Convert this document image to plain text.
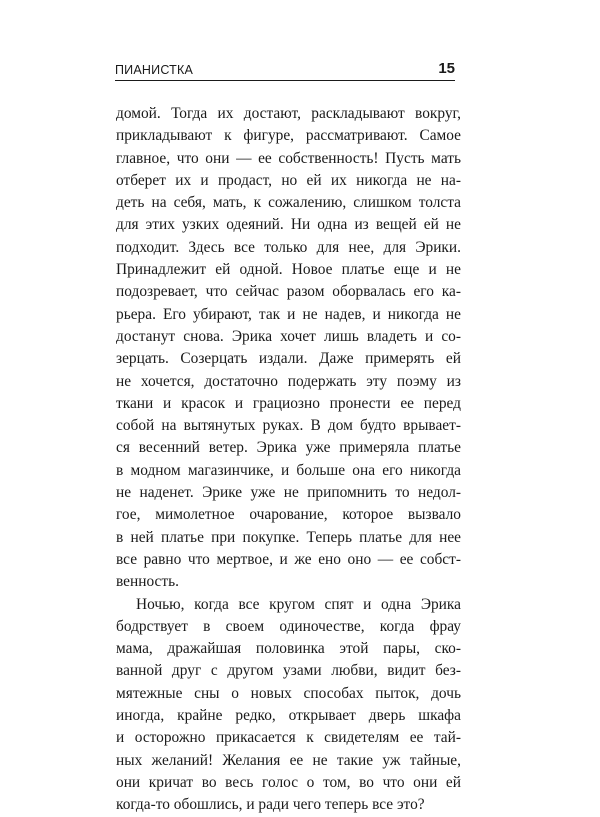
ПИАНИСТКА	15
домой. Тогда их достают, раскладывают вокруг,
прикладывают к фигуре, рассматривают. Самое
главное, что они — ее собственность! Пусть мать
отберет их и продаст, но ей их никогда не на-
деть на себя, мать, к сожалению, слишком толста
для этих узких одеяний. Ни одна из вещей ей не
подходит. Здесь все только для нее, для Эрики.
Принадлежит ей одной. Новое платье еще и не
подозревает, что сейчас разом оборвалась его ка-
рьера. Его убирают, так и не надев, и никогда не
достанут снова. Эрика хочет лишь владеть и со-
зерцать. Созерцать издали. Даже примерять ей
не хочется, достаточно подержать эту поэму из
ткани и красок и грациозно пронести ее перед
собой на вытянутых руках. В дом будто врывает-
ся весенний ветер. Эрика уже примеряла платье
в модном магазинчике, и больше она его никогда
не наденет. Эрике уже не припомнить то недол-
гое, мимолетное очарование, которое вызвало
в ней платье при покупке. Теперь платье для нее
все равно что мертвое, и же ено оно — ее собст-
венность.
Ночью, когда все кругом спят и одна Эрика
бодрствует в своем одиночестве, когда фрау
мама, дражайшая половинка этой пары, ско-
ванной друг с другом узами любви, видит без-
мятежные сны о новых способах пыток, дочь
иногда, крайне редко, открывает дверь шкафа
и осторожно прикасается к свидетелям ее тай-
ных желаний! Желания ее не такие уж тайные,
они кричат во весь голос о том, во что они ей
когда-то обошлись, и ради чего теперь все это?
